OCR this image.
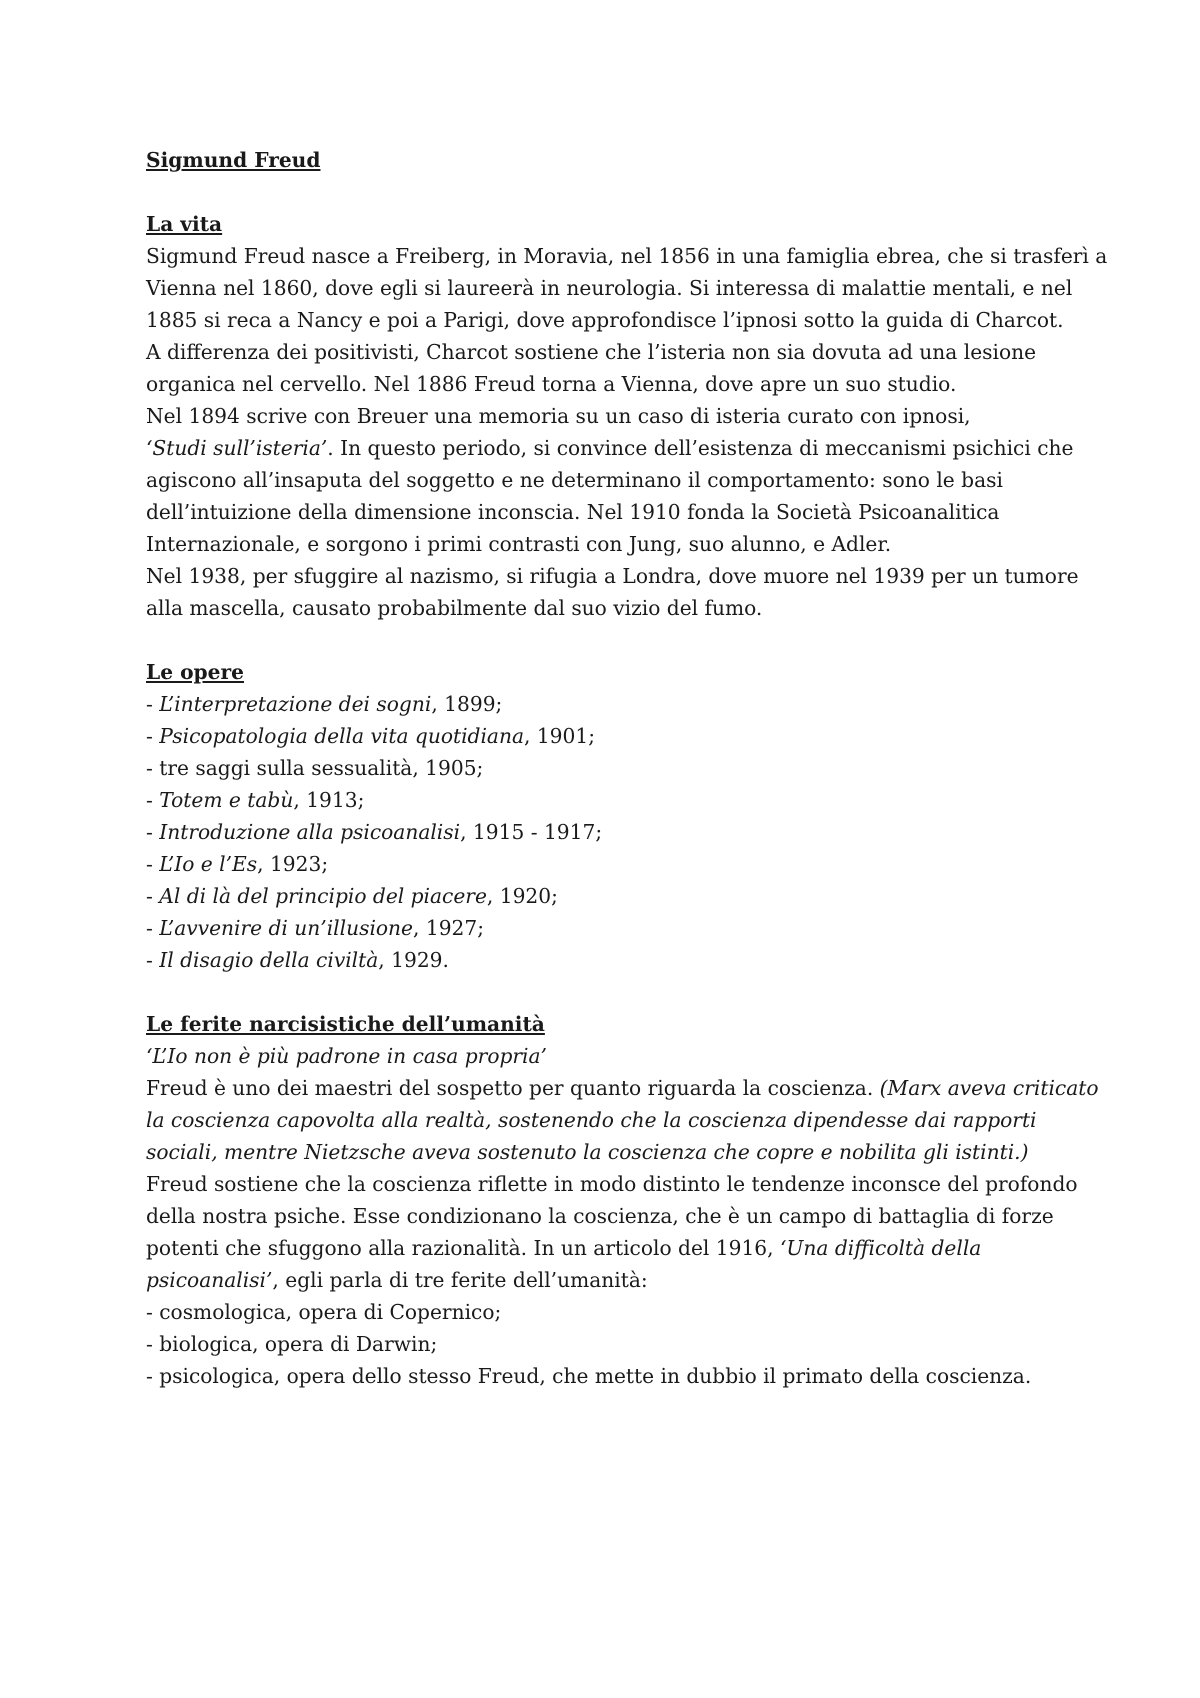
Sigmund Freud
La vita
Sigmund Freud nasce a Freiberg, in Moravia, nel 1856 in una famiglia ebrea, che si trasferì a
Vienna nel 1860, dove egli si laureerà in neurologia. Si interessa di malattie mentali, e nel
1885 si reca a Nancy e poi a Parigi, dove approfondisce l’ipnosi sotto la guida di Charcot.
A differenza dei positivisti, Charcot sostiene che l’isteria non sia dovuta ad una lesione
organica nel cervello. Nel 1886 Freud torna a Vienna, dove apre un suo studio.
Nel 1894 scrive con Breuer una memoria su un caso di isteria curato con ipnosi,
‘Studi sull’isteria’. In questo periodo, si convince dell’esistenza di meccanismi psichici che
agiscono all’insaputa del soggetto e ne determinano il comportamento: sono le basi
dell’intuizione della dimensione inconscia. Nel 1910 fonda la Società Psicoanalitica
Internazionale, e sorgono i primi contrasti con Jung, suo alunno, e Adler.
Nel 1938, per sfuggire al nazismo, si rifugia a Londra, dove muore nel 1939 per un tumore
alla mascella, causato probabilmente dal suo vizio del fumo.
Le opere
- L’interpretazione dei sogni, 1899;
- Psicopatologia della vita quotidiana, 1901;
- tre saggi sulla sessualità, 1905;
- Totem e tabù, 1913;
- Introduzione alla psicoanalisi, 1915 - 1917;
- L’Io e l’Es, 1923;
- Al di là del principio del piacere, 1920;
- L’avvenire di un’illusione, 1927;
- Il disagio della civiltà, 1929.
Le ferite narcisistiche dell’umanità
‘L’Io non è più padrone in casa propria’
Freud è uno dei maestri del sospetto per quanto riguarda la coscienza. (Marx aveva criticato
la coscienza capovolta alla realtà, sostenendo che la coscienza dipendesse dai rapporti
sociali, mentre Nietzsche aveva sostenuto la coscienza che copre e nobilita gli istinti.)
Freud sostiene che la coscienza riflette in modo distinto le tendenze inconsce del profondo
della nostra psiche. Esse condizionano la coscienza, che è un campo di battaglia di forze
potenti che sfuggono alla razionalità. In un articolo del 1916, ‘Una difficoltà della
psicoanalisi’, egli parla di tre ferite dell’umanità:
- cosmologica, opera di Copernico;
- biologica, opera di Darwin;
- psicologica, opera dello stesso Freud, che mette in dubbio il primato della coscienza.
